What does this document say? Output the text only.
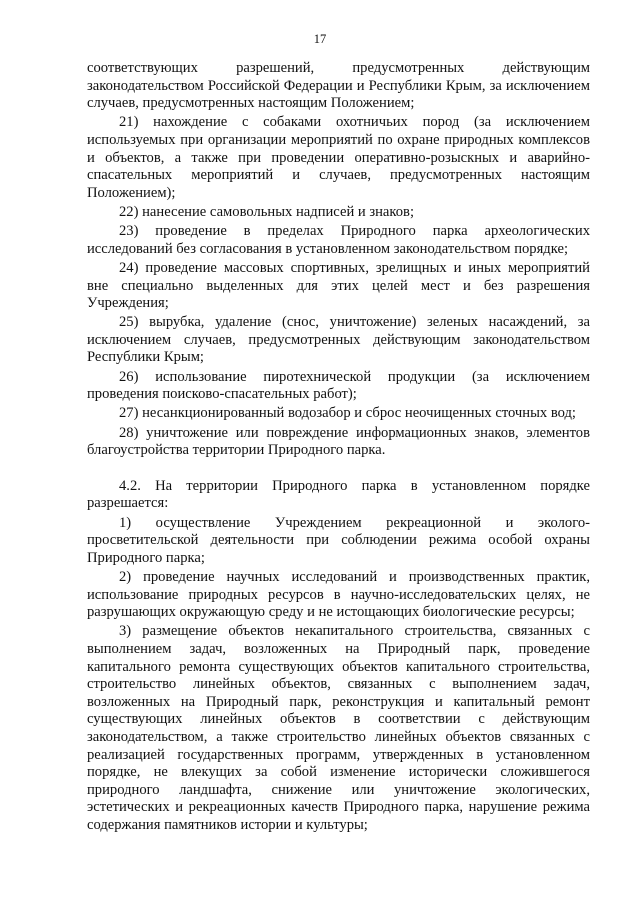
17

соответствующих разрешений, предусмотренных действующим законодательством Российской Федерации и Республики Крым, за исключением случаев, предусмотренных настоящим Положением;

21) нахождение с собаками охотничьих пород (за исключением используемых при организации мероприятий по охране природных комплексов и объектов, а также при проведении оперативно-розыскных и аварийно-спасательных мероприятий и случаев, предусмотренных настоящим Положением);

22) нанесение самовольных надписей и знаков;

23) проведение в пределах Природного парка археологических исследований без согласования в установленном законодательством порядке;

24) проведение массовых спортивных, зрелищных и иных мероприятий вне специально выделенных для этих целей мест и без разрешения Учреждения;

25) вырубка, удаление (снос, уничтожение) зеленых насаждений, за исключением случаев, предусмотренных действующим законодательством Республики Крым;

26) использование пиротехнической продукции (за исключением проведения поисково-спасательных работ);

27) несанкционированный водозабор и сброс неочищенных сточных вод;

28) уничтожение или повреждение информационных знаков, элементов благоустройства территории Природного парка.

4.2. На территории Природного парка в установленном порядке разрешается:

1) осуществление Учреждением рекреационной и эколого-просветительской деятельности при соблюдении режима особой охраны Природного парка;

2) проведение научных исследований и производственных практик, использование природных ресурсов в научно-исследовательских целях, не разрушающих окружающую среду и не истощающих биологические ресурсы;

3) размещение объектов некапитального строительства, связанных с выполнением задач, возложенных на Природный парк, проведение капитального ремонта существующих объектов капитального строительства, строительство линейных объектов, связанных с выполнением задач, возложенных на Природный парк, реконструкция и капитальный ремонт существующих линейных объектов в соответствии с действующим законодательством, а также строительство линейных объектов связанных с реализацией государственных программ, утвержденных в установленном порядке, не влекущих за собой изменение исторически сложившегося природного ландшафта, снижение или уничтожение экологических, эстетических и рекреационных качеств Природного парка, нарушение режима содержания памятников истории и культуры;
